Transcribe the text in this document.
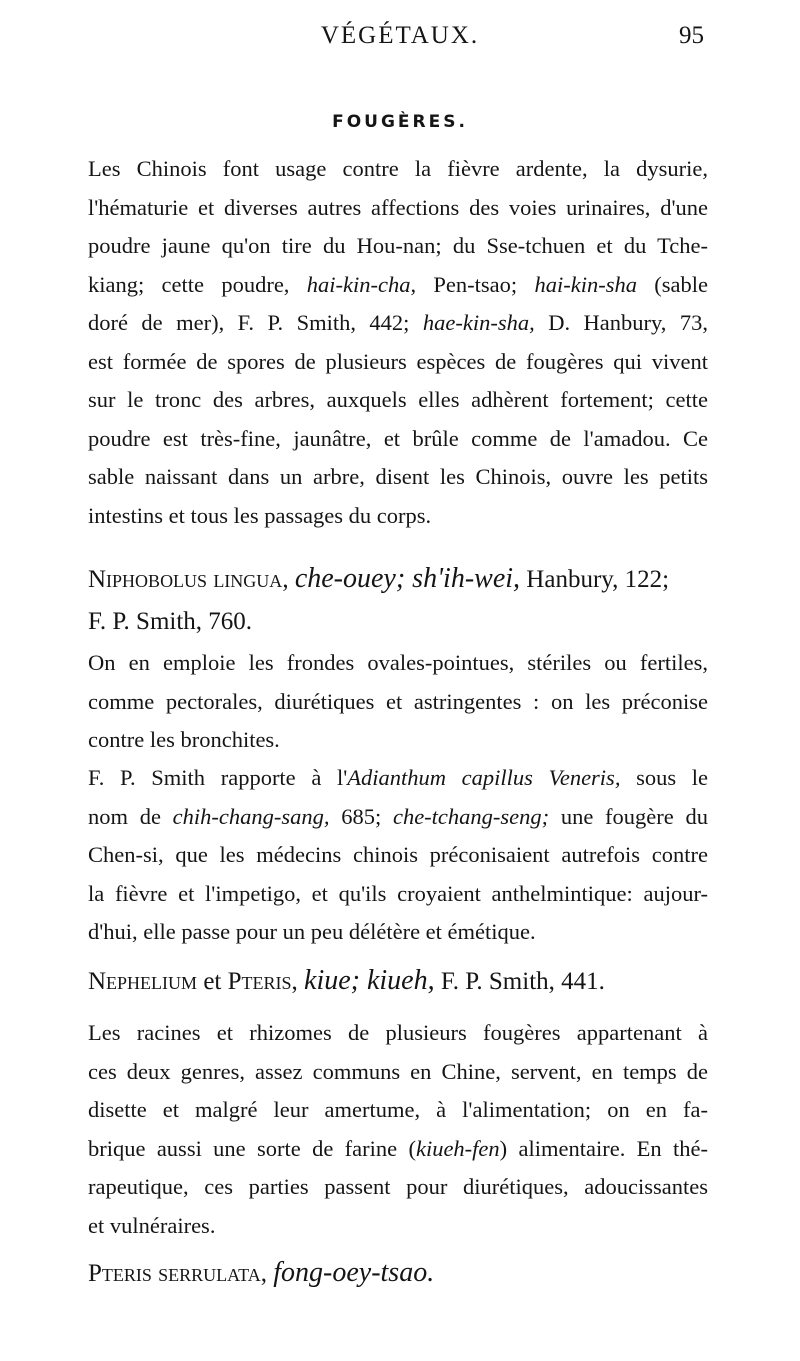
VÉGÉTAUX.	95
FOUGÈRES.
Les Chinois font usage contre la fièvre ardente, la dysurie,
l'hématurie et diverses autres affections des voies urinaires, d'une
poudre jaune qu'on tire du Hou-nan; du Sse-tchuen et du Tche-
kiang; cette poudre, hai-kin-cha, Pen-tsao; hai-kin-sha (sable
doré de mer), F. P. Smith, 442; hae-kin-sha, D. Hanbury, 73,
est formée de spores de plusieurs espèces de fougères qui vivent
sur le tronc des arbres, auxquels elles adhèrent fortement; cette
poudre est très-fine, jaunâtre, et brûle comme de l'amadou. Ce
sable naissant dans un arbre, disent les Chinois, ouvre les petits
intestins et tous les passages du corps.
Niphobolus lingua, che-ouey; sh'ih-wei, Hanbury, 122;
F. P. Smith, 760.
On en emploie les frondes ovales-pointues, stériles ou fertiles,
comme pectorales, diurétiques et astringentes : on les préconise
contre les bronchites.
F. P. Smith rapporte à l'Adianthum capillus Veneris, sous le
nom de chih-chang-sang, 685; che-tchang-seng; une fougère du
Chen-si, que les médecins chinois préconisaient autrefois contre
la fièvre et l'impetigo, et qu'ils croyaient anthelmintique: aujour-
d'hui, elle passe pour un peu délétère et émétique.
Nephelium et Pteris, kiue; kiueh, F. P. Smith, 441.
Les racines et rhizomes de plusieurs fougères appartenant à
ces deux genres, assez communs en Chine, servent, en temps de
disette et malgré leur amertume, à l'alimentation; on en fa-
brique aussi une sorte de farine (kiueh-fen) alimentaire. En thé-
rapeutique, ces parties passent pour diurétiques, adoucissantes
et vulnéraires.
Pteris serrulata, fong-oey-tsao.
